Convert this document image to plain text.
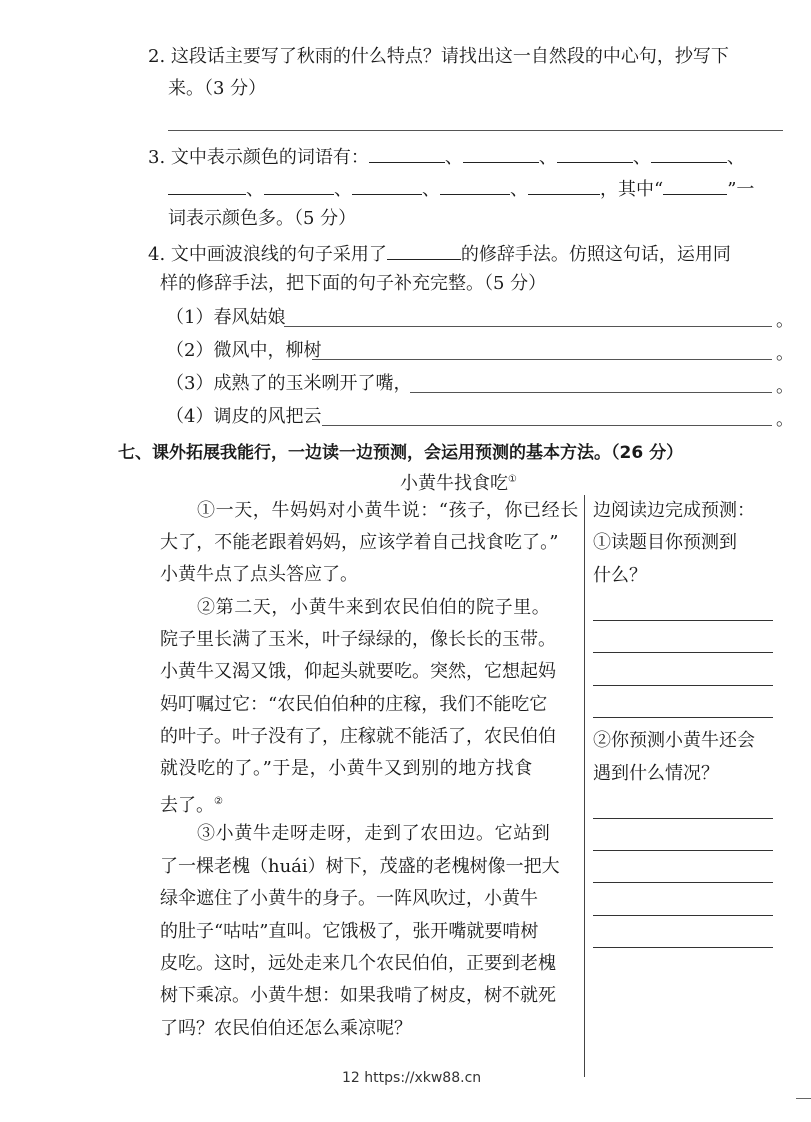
2. 这段话主要写了秋雨的什么特点？请找出这一自然段的中心句，抄写下
来。（3 分）
3. 文中表示颜色的词语有：	、	、	、	、
、	、	、	、	，其中“	”一
词表示颜色多。（5 分）
4. 文中画波浪线的句子采用了	的修辞手法。仿照这句话，运用同
样的修辞手法，把下面的句子补充完整。（5 分）
（1）春风姑娘	。
（2）微风中，柳树	。
（3）成熟了的玉米咧开了嘴，	。
（4）调皮的风把云	。
七、课外拓展我能行，一边读一边预测，会运用预测的基本方法。（26 分）
小黄牛找食吃①
①一天，牛妈妈对小黄牛说：“孩子，你已经长
大了，不能老跟着妈妈，应该学着自己找食吃了。”
小黄牛点了点头答应了。
②第二天，小黄牛来到农民伯伯的院子里。
院子里长满了玉米，叶子绿绿的，像长长的玉带。
小黄牛又渴又饿，仰起头就要吃。突然，它想起妈
妈叮嘱过它：“农民伯伯种的庄稼，我们不能吃它
的叶子。叶子没有了，庄稼就不能活了，农民伯伯
就没吃的了。”于是，小黄牛又到别的地方找食
去了。②
③小黄牛走呀走呀，走到了农田边。它站到
了一棵老槐（huái）树下，茂盛的老槐树像一把大
绿伞遮住了小黄牛的身子。一阵风吹过，小黄牛
的肚子“咕咕”直叫。它饿极了，张开嘴就要啃树
皮吃。这时，远处走来几个农民伯伯，正要到老槐
树下乘凉。小黄牛想：如果我啃了树皮，树不就死
了吗？农民伯伯还怎么乘凉呢？
边阅读边完成预测：
①读题目你预测到
什么？
②你预测小黄牛还会
遇到什么情况？
12 https://xkw88.cn
